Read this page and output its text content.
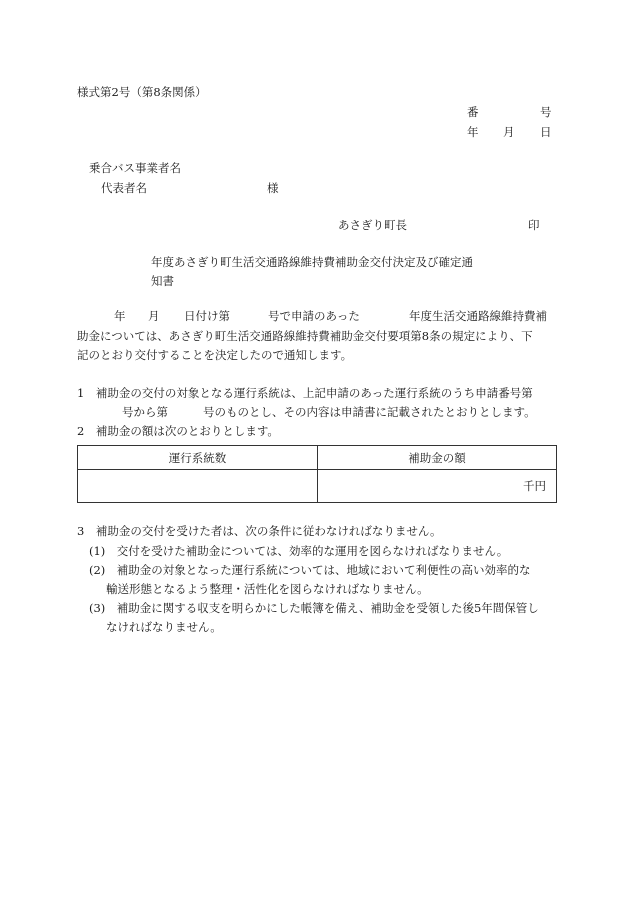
様式第2号（第8条関係）
番	号
年 月 日
乗合バス事業者名
代表者名	様
あさぎり町長	印
年度あさぎり町生活交通路線維持費補助金交付決定及び確定通
知書
年 月 日付け第	号で申請のあった	年度生活交通路線維持費補
助金については、あさぎり町生活交通路線維持費補助金交付要項第8条の規定により、下
記のとおり交付することを決定したので通知します。
1　補助金の交付の対象となる運行系統は、上記申請のあった運行系統のうち申請番号第
号から第	号のものとし、その内容は申請書に記載されたとおりとします。
2　補助金の額は次のとおりとします。
運行系統数	補助金の額
	千円
3　補助金の交付を受けた者は、次の条件に従わなければなりません。
(1)　交付を受けた補助金については、効率的な運用を図らなければなりません。
(2)　補助金の対象となった運行系統については、地域において利便性の高い効率的な
輸送形態となるよう整理・活性化を図らなければなりません。
(3)　補助金に関する収支を明らかにした帳簿を備え、補助金を受領した後5年間保管し
なければなりません。
